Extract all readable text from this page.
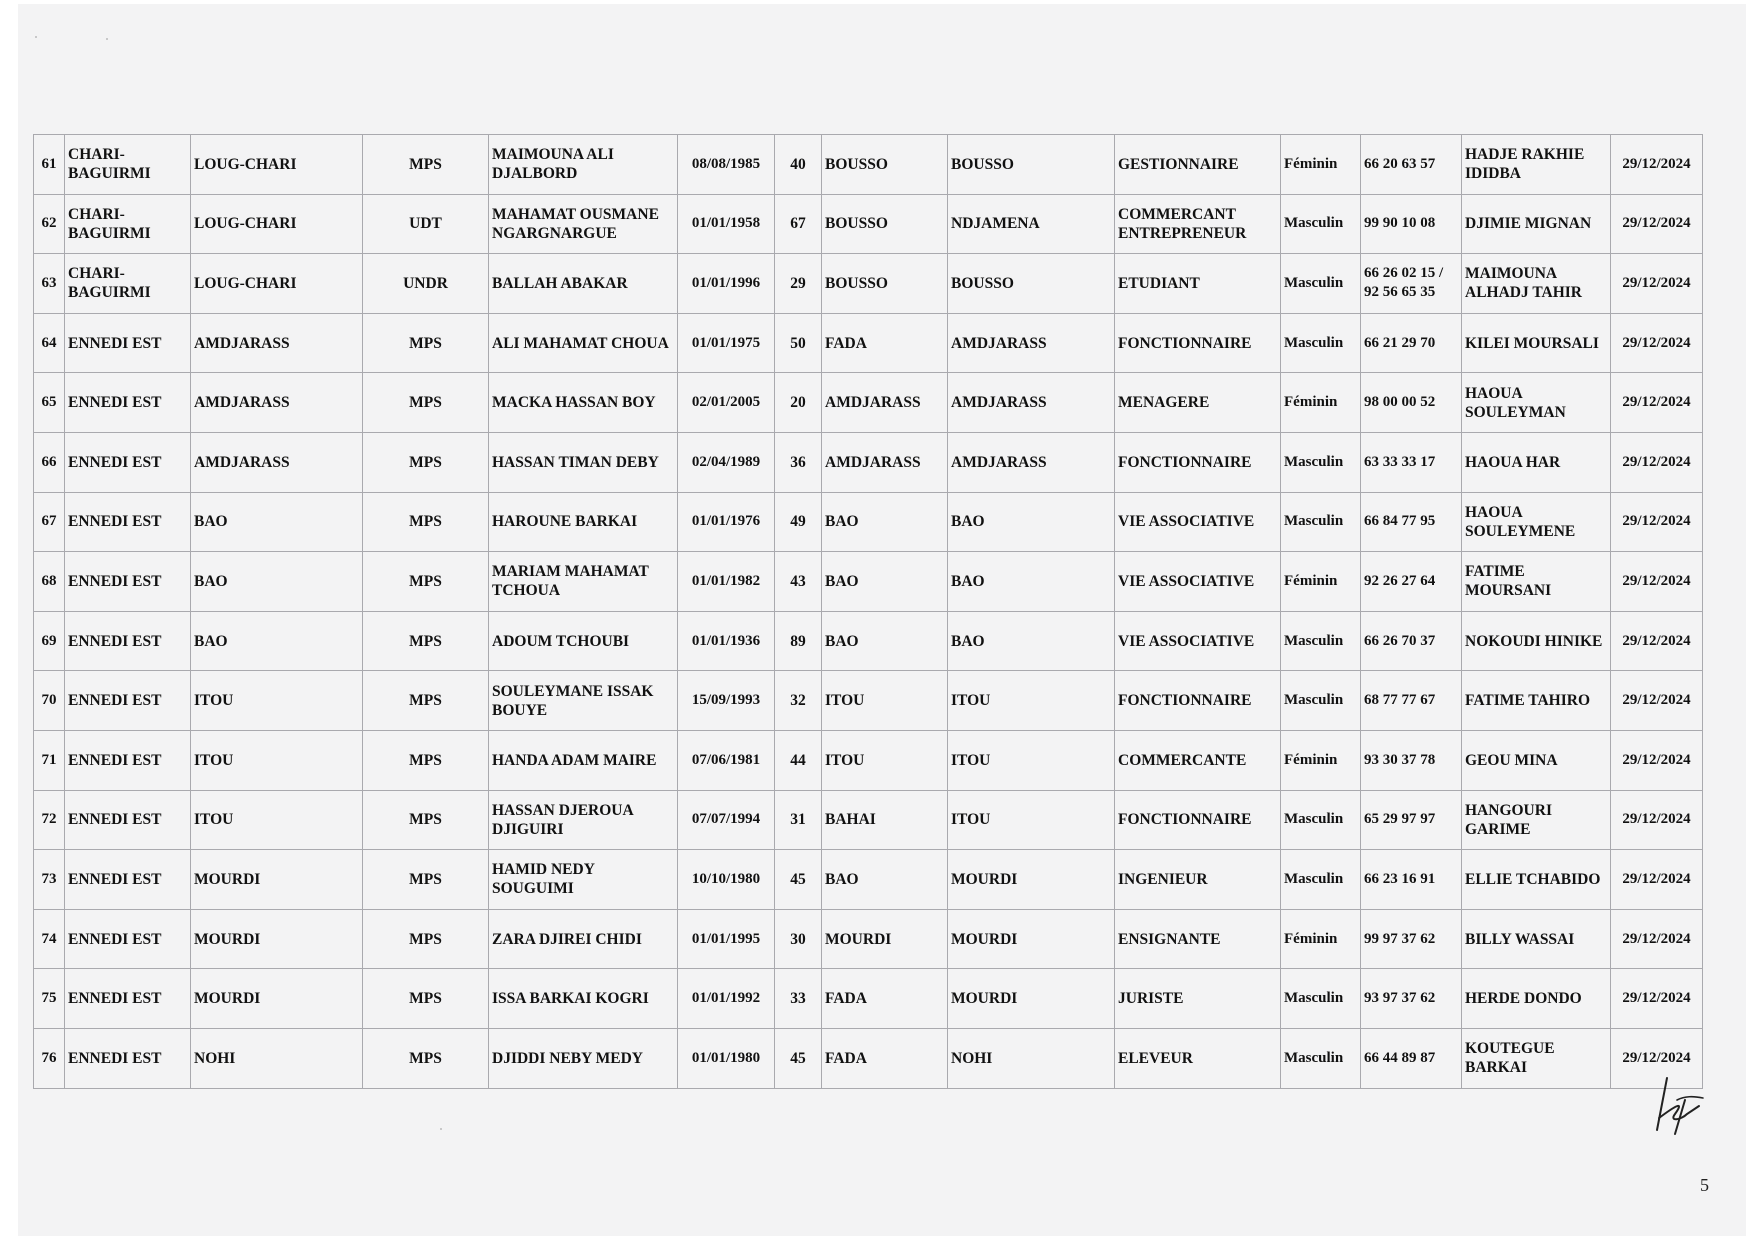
61	CHARI-BAGUIRMI	LOUG-CHARI	MPS	MAIMOUNA ALI DJALBORD	08/08/1985	40	BOUSSO	BOUSSO	GESTIONNAIRE	Féminin	66 20 63 57	HADJE RAKHIE IDIDBA	29/12/2024
62	CHARI-BAGUIRMI	LOUG-CHARI	UDT	MAHAMAT OUSMANE NGARGNARGUE	01/01/1958	67	BOUSSO	NDJAMENA	COMMERCANT ENTREPRENEUR	Masculin	99 90 10 08	DJIMIE MIGNAN	29/12/2024
63	CHARI-BAGUIRMI	LOUG-CHARI	UNDR	BALLAH ABAKAR	01/01/1996	29	BOUSSO	BOUSSO	ETUDIANT	Masculin	66 26 02 15 / 92 56 65 35	MAIMOUNA ALHADJ TAHIR	29/12/2024
64	ENNEDI EST	AMDJARASS	MPS	ALI MAHAMAT CHOUA	01/01/1975	50	FADA	AMDJARASS	FONCTIONNAIRE	Masculin	66 21 29 70	KILEI MOURSALI	29/12/2024
65	ENNEDI EST	AMDJARASS	MPS	MACKA HASSAN BOY	02/01/2005	20	AMDJARASS	AMDJARASS	MENAGERE	Féminin	98 00 00 52	HAOUA SOULEYMAN	29/12/2024
66	ENNEDI EST	AMDJARASS	MPS	HASSAN TIMAN DEBY	02/04/1989	36	AMDJARASS	AMDJARASS	FONCTIONNAIRE	Masculin	63 33 33 17	HAOUA HAR	29/12/2024
67	ENNEDI EST	BAO	MPS	HAROUNE BARKAI	01/01/1976	49	BAO	BAO	VIE ASSOCIATIVE	Masculin	66 84 77 95	HAOUA SOULEYMENE	29/12/2024
68	ENNEDI EST	BAO	MPS	MARIAM MAHAMAT TCHOUA	01/01/1982	43	BAO	BAO	VIE ASSOCIATIVE	Féminin	92 26 27 64	FATIME MOURSANI	29/12/2024
69	ENNEDI EST	BAO	MPS	ADOUM TCHOUBI	01/01/1936	89	BAO	BAO	VIE ASSOCIATIVE	Masculin	66 26 70 37	NOKOUDI HINIKE	29/12/2024
70	ENNEDI EST	ITOU	MPS	SOULEYMANE ISSAK BOUYE	15/09/1993	32	ITOU	ITOU	FONCTIONNAIRE	Masculin	68 77 77 67	FATIME TAHIRO	29/12/2024
71	ENNEDI EST	ITOU	MPS	HANDA ADAM MAIRE	07/06/1981	44	ITOU	ITOU	COMMERCANTE	Féminin	93 30 37 78	GEOU MINA	29/12/2024
72	ENNEDI EST	ITOU	MPS	HASSAN DJEROUA DJIGUIRI	07/07/1994	31	BAHAI	ITOU	FONCTIONNAIRE	Masculin	65 29 97 97	HANGOURI GARIME	29/12/2024
73	ENNEDI EST	MOURDI	MPS	HAMID NEDY SOUGUIMI	10/10/1980	45	BAO	MOURDI	INGENIEUR	Masculin	66 23 16 91	ELLIE TCHABIDO	29/12/2024
74	ENNEDI EST	MOURDI	MPS	ZARA DJIREI CHIDI	01/01/1995	30	MOURDI	MOURDI	ENSIGNANTE	Féminin	99 97 37 62	BILLY WASSAI	29/12/2024
75	ENNEDI EST	MOURDI	MPS	ISSA BARKAI KOGRI	01/01/1992	33	FADA	MOURDI	JURISTE	Masculin	93 97 37 62	HERDE DONDO	29/12/2024
76	ENNEDI EST	NOHI	MPS	DJIDDI NEBY MEDY	01/01/1980	45	FADA	NOHI	ELEVEUR	Masculin	66 44 89 87	KOUTEGUE BARKAI	29/12/2024
5
